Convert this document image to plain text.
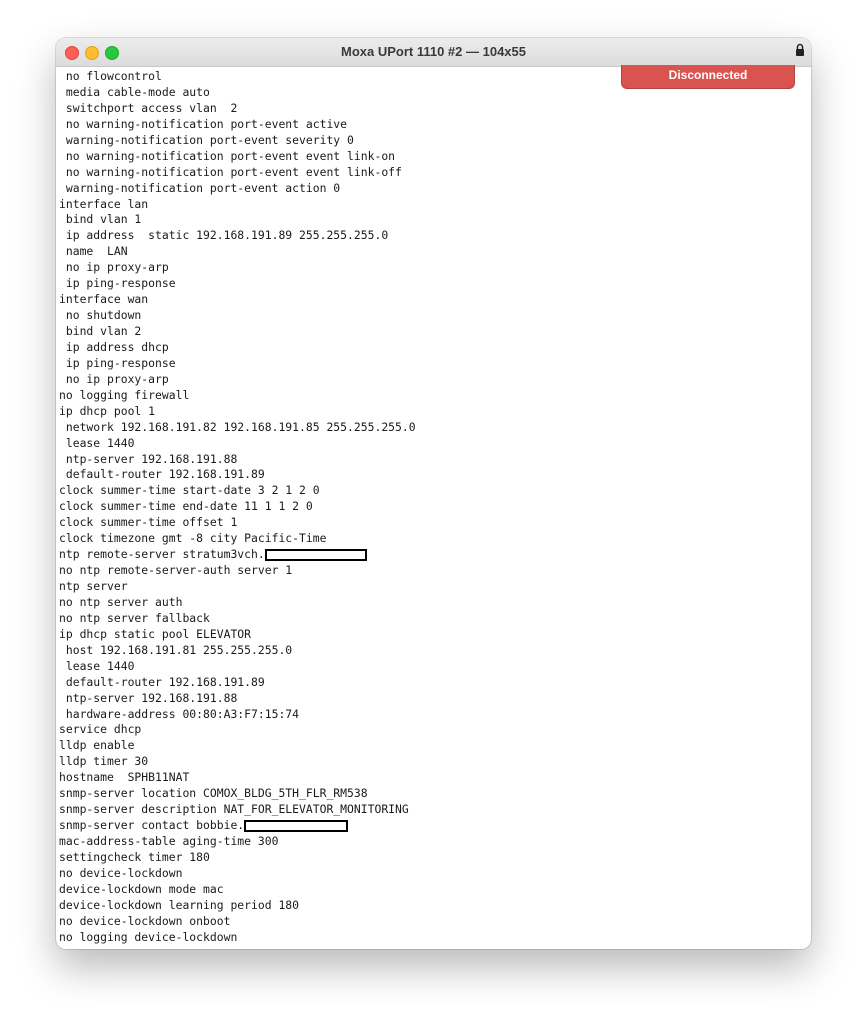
Moxa UPort 1110 #2 — 104x55
no flowcontrol
media cable-mode auto
switchport access vlan  2
no warning-notification port-event active
warning-notification port-event severity 0
no warning-notification port-event event link-on
no warning-notification port-event event link-off
warning-notification port-event action 0
interface lan
bind vlan 1
ip address  static 192.168.191.89 255.255.255.0
name  LAN
no ip proxy-arp
ip ping-response
interface wan
no shutdown
bind vlan 2
ip address dhcp
ip ping-response
no ip proxy-arp
no logging firewall
ip dhcp pool 1
network 192.168.191.82 192.168.191.85 255.255.255.0
lease 1440
ntp-server 192.168.191.88
default-router 192.168.191.89
clock summer-time start-date 3 2 1 2 0
clock summer-time end-date 11 1 1 2 0
clock summer-time offset 1
clock timezone gmt -8 city Pacific-Time
ntp remote-server stratum3vch.
no ntp remote-server-auth server 1
ntp server
no ntp server auth
no ntp server fallback
ip dhcp static pool ELEVATOR
host 192.168.191.81 255.255.255.0
lease 1440
default-router 192.168.191.89
ntp-server 192.168.191.88
hardware-address 00:80:A3:F7:15:74
service dhcp
lldp enable
lldp timer 30
hostname  SPHB11NAT
snmp-server location COMOX_BLDG_5TH_FLR_RM538
snmp-server description NAT_FOR_ELEVATOR_MONITORING
snmp-server contact bobbie.
mac-address-table aging-time 300
settingcheck timer 180
no device-lockdown
device-lockdown mode mac
device-lockdown learning period 180
no device-lockdown onboot
no logging device-lockdown
Disconnected
